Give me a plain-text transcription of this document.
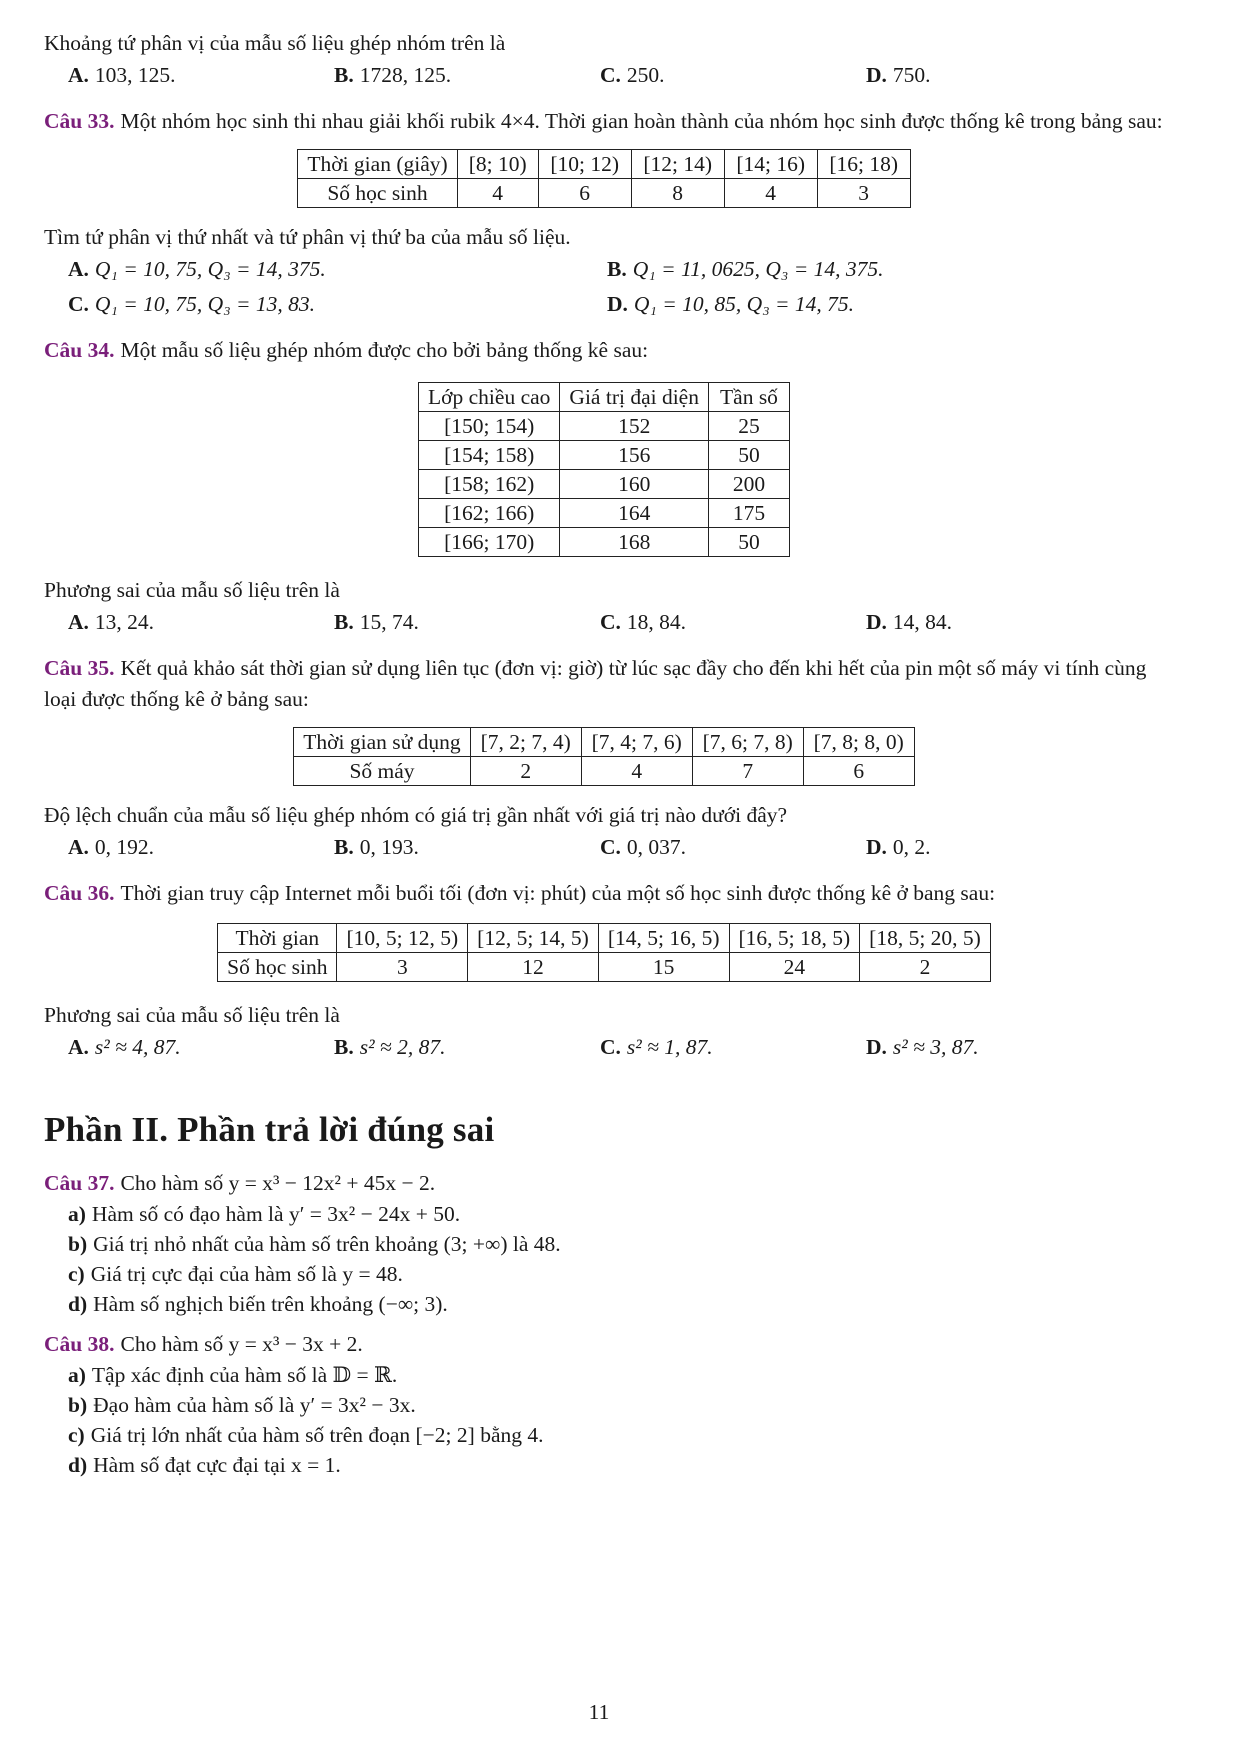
Khoảng tứ phân vị của mẫu số liệu ghép nhóm trên là
A. 103, 125.	B. 1728, 125.	C. 250.	D. 750.
Câu 33. Một nhóm học sinh thi nhau giải khối rubik 4×4. Thời gian hoàn thành của nhóm học sinh được thống kê trong bảng sau:
Thời gian (giây)	[8; 10)	[10; 12)	[12; 14)	[14; 16)	[16; 18)
Số học sinh	4	6	8	4	3
Tìm tứ phân vị thứ nhất và tứ phân vị thứ ba của mẫu số liệu.
A. Q₁ = 10, 75, Q₃ = 14, 375.	B. Q₁ = 11, 0625, Q₃ = 14, 375.
C. Q₁ = 10, 75, Q₃ = 13, 83.	D. Q₁ = 10, 85, Q₃ = 14, 75.
Câu 34. Một mẫu số liệu ghép nhóm được cho bởi bảng thống kê sau:
Lớp chiều cao	Giá trị đại diện	Tần số
[150; 154)	152	25
[154; 158)	156	50
[158; 162)	160	200
[162; 166)	164	175
[166; 170)	168	50
Phương sai của mẫu số liệu trên là
A. 13, 24.	B. 15, 74.	C. 18, 84.	D. 14, 84.
Câu 35. Kết quả khảo sát thời gian sử dụng liên tục (đơn vị: giờ) từ lúc sạc đầy cho đến khi hết của pin một số máy vi tính cùng loại được thống kê ở bảng sau:
Thời gian sử dụng	[7, 2; 7, 4)	[7, 4; 7, 6)	[7, 6; 7, 8)	[7, 8; 8, 0)
Số máy	2	4	7	6
Độ lệch chuẩn của mẫu số liệu ghép nhóm có giá trị gần nhất với giá trị nào dưới đây?
A. 0, 192.	B. 0, 193.	C. 0, 037.	D. 0, 2.
Câu 36. Thời gian truy cập Internet mỗi buổi tối (đơn vị: phút) của một số học sinh được thống kê ở bang sau:
Thời gian	[10, 5; 12, 5)	[12, 5; 14, 5)	[14, 5; 16, 5)	[16, 5; 18, 5)	[18, 5; 20, 5)
Số học sinh	3	12	15	24	2
Phương sai của mẫu số liệu trên là
A. s² ≈ 4, 87.	B. s² ≈ 2, 87.	C. s² ≈ 1, 87.	D. s² ≈ 3, 87.
Phần II. Phần trả lời đúng sai
Câu 37. Cho hàm số y = x³ − 12x² + 45x − 2.
a) Hàm số có đạo hàm là y′ = 3x² − 24x + 50.
b) Giá trị nhỏ nhất của hàm số trên khoảng (3; +∞) là 48.
c) Giá trị cực đại của hàm số là y = 48.
d) Hàm số nghịch biến trên khoảng (−∞; 3).
Câu 38. Cho hàm số y = x³ − 3x + 2.
a) Tập xác định của hàm số là 𝔻 = ℝ.
b) Đạo hàm của hàm số là y′ = 3x² − 3x.
c) Giá trị lớn nhất của hàm số trên đoạn [−2; 2] bằng 4.
d) Hàm số đạt cực đại tại x = 1.
11
